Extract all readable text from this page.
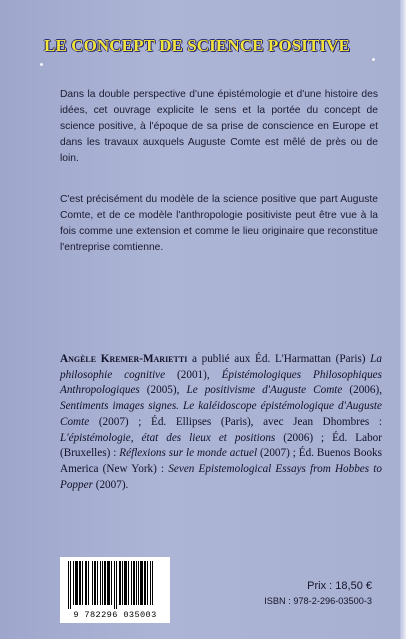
LE CONCEPT DE SCIENCE POSITIVE
Dans la double perspective d'une épistémologie et d'une histoire des idées, cet ouvrage explicite le sens et la portée du concept de science positive, à l'époque de sa prise de conscience en Europe et dans les travaux auxquels Auguste Comte est mêlé de près ou de loin.
C'est précisément du modèle de la science positive que part Auguste Comte, et de ce modèle l'anthropologie positiviste peut être vue à la fois comme une extension et comme le lieu originaire que reconstitue l'entreprise comtienne.
Angèle Kremer-Marietti a publié aux Éd. L'Harmattan (Paris) La philosophie cognitive (2001), Épistémologiques Philosophiques Anthropologiques (2005), Le positivisme d'Auguste Comte (2006), Sentiments images signes. Le kaléidoscope épistémologique d'Auguste Comte (2007) ; Éd. Ellipses (Paris), avec Jean Dhombres : L'épistémologie, état des lieux et positions (2006) ; Éd. Labor (Bruxelles) : Réflexions sur le monde actuel (2007) ; Éd. Buenos Books America (New York) : Seven Epistemological Essays from Hobbes to Popper (2007).
9 782296 035003
Prix : 18,50 €
ISBN : 978-2-296-03500-3
